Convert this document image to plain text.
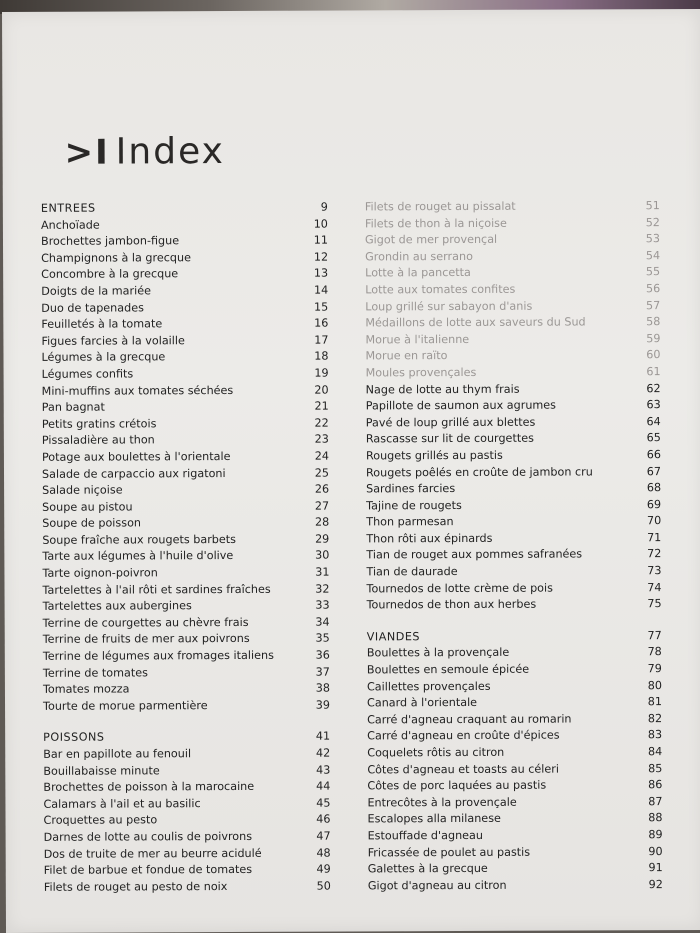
>I Index
ENTREES	9
Anchoïade	10
Brochettes jambon-figue	11
Champignons à la grecque	12
Concombre à la grecque	13
Doigts de la mariée	14
Duo de tapenades	15
Feuilletés à la tomate	16
Figues farcies à la volaille	17
Légumes à la grecque	18
Légumes confits	19
Mini-muffins aux tomates séchées	20
Pan bagnat	21
Petits gratins crétois	22
Pissaladière au thon	23
Potage aux boulettes à l'orientale	24
Salade de carpaccio aux rigatoni	25
Salade niçoise	26
Soupe au pistou	27
Soupe de poisson	28
Soupe fraîche aux rougets barbets	29
Tarte aux légumes à l'huile d'olive	30
Tarte oignon-poivron	31
Tartelettes à l'ail rôti et sardines fraîches	32
Tartelettes aux aubergines	33
Terrine de courgettes au chèvre frais	34
Terrine de fruits de mer aux poivrons	35
Terrine de légumes aux fromages italiens	36
Terrine de tomates	37
Tomates mozza	38
Tourte de morue parmentière	39
POISSONS	41
Bar en papillote au fenouil	42
Bouillabaisse minute	43
Brochettes de poisson à la marocaine	44
Calamars à l'ail et au basilic	45
Croquettes au pesto	46
Darnes de lotte au coulis de poivrons	47
Dos de truite de mer au beurre acidulé	48
Filet de barbue et fondue de tomates	49
Filets de rouget au pesto de noix	50
Filets de rouget au pissalat	51
Filets de thon à la niçoise	52
Gigot de mer provençal	53
Grondin au serrano	54
Lotte à la pancetta	55
Lotte aux tomates confites	56
Loup grillé sur sabayon d'anis	57
Médaillons de lotte aux saveurs du Sud	58
Morue à l'italienne	59
Morue en raïto	60
Moules provençales	61
Nage de lotte au thym frais	62
Papillote de saumon aux agrumes	63
Pavé de loup grillé aux blettes	64
Rascasse sur lit de courgettes	65
Rougets grillés au pastis	66
Rougets poêlés en croûte de jambon cru	67
Sardines farcies	68
Tajine de rougets	69
Thon parmesan	70
Thon rôti aux épinards	71
Tian de rouget aux pommes safranées	72
Tian de daurade	73
Tournedos de lotte crème de pois	74
Tournedos de thon aux herbes	75
VIANDES	77
Boulettes à la provençale	78
Boulettes en semoule épicée	79
Caillettes provençales	80
Canard à l'orientale	81
Carré d'agneau craquant au romarin	82
Carré d'agneau en croûte d'épices	83
Coquelets rôtis au citron	84
Côtes d'agneau et toasts au céleri	85
Côtes de porc laquées au pastis	86
Entrecôtes à la provençale	87
Escalopes alla milanese	88
Estouffade d'agneau	89
Fricassée de poulet au pastis	90
Galettes à la grecque	91
Gigot d'agneau au citron	92
